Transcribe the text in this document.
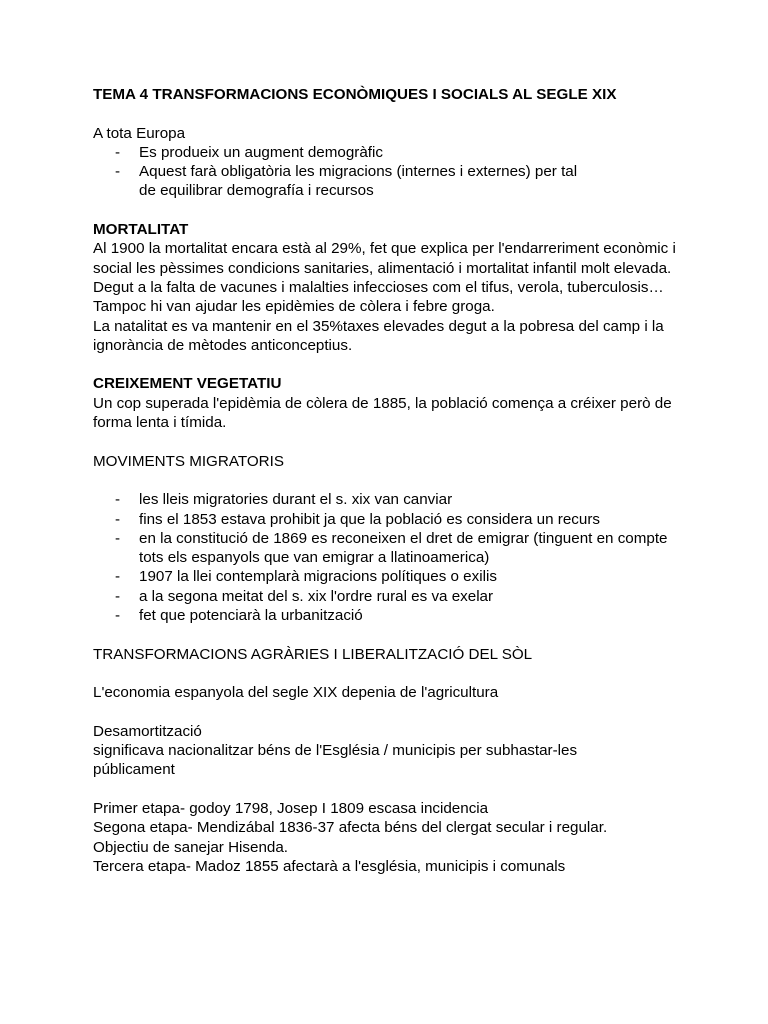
TEMA 4 TRANSFORMACIONS ECONÒMIQUES I SOCIALS AL SEGLE XIX

A tota Europa

- Es produeix un augment demogràfic
- Aquest farà obligatòria les migracions (internes i externes) per tal de equilibrar demografía i recursos

MORTALITAT

Al 1900 la mortalitat encara està al 29%, fet que explica per l'endarreriment econòmic i social les pèssimes condicions sanitaries, alimentació i mortalitat infantil molt elevada. Degut a la falta de vacunes i malalties infeccioses com el tifus, verola, tuberculosis…

Tampoc hi van ajudar les epidèmies de còlera i febre groga.

La natalitat es va mantenir en el 35%taxes elevades degut a la pobresa del camp i la ignorància de mètodes anticonceptius.

CREIXEMENT VEGETATIU

Un cop superada l'epidèmia de còlera de 1885, la població comença a créixer però de forma lenta i tímida.

MOVIMENTS MIGRATORIS

- les lleis migratories durant el s. xix van canviar
- fins el 1853 estava prohibit ja que la població es considera un recurs
- en la constitució de 1869 es reconeixen el dret de emigrar (tinguent en compte tots els espanyols que van emigrar a llatinoamerica)
- 1907 la llei contemplarà migracions polítiques o exilis
- a la segona meitat del s. xix l'ordre rural es va exelar
- fet que potenciarà la urbanització

TRANSFORMACIONS AGRÀRIES I LIBERALITZACIÓ DEL SÒL

L'economia espanyola del segle XIX depenia de l'agricultura

Desamortització

significava nacionalitzar béns de l'Església / municipis per subhastar-les públicament

Primer etapa- godoy 1798, Josep I 1809 escasa incidencia

Segona etapa- Mendizábal 1836-37 afecta béns del clergat secular i regular.

Objectiu de sanejar Hisenda.

Tercera etapa- Madoz 1855 afectarà a l'església, municipis i comunals
